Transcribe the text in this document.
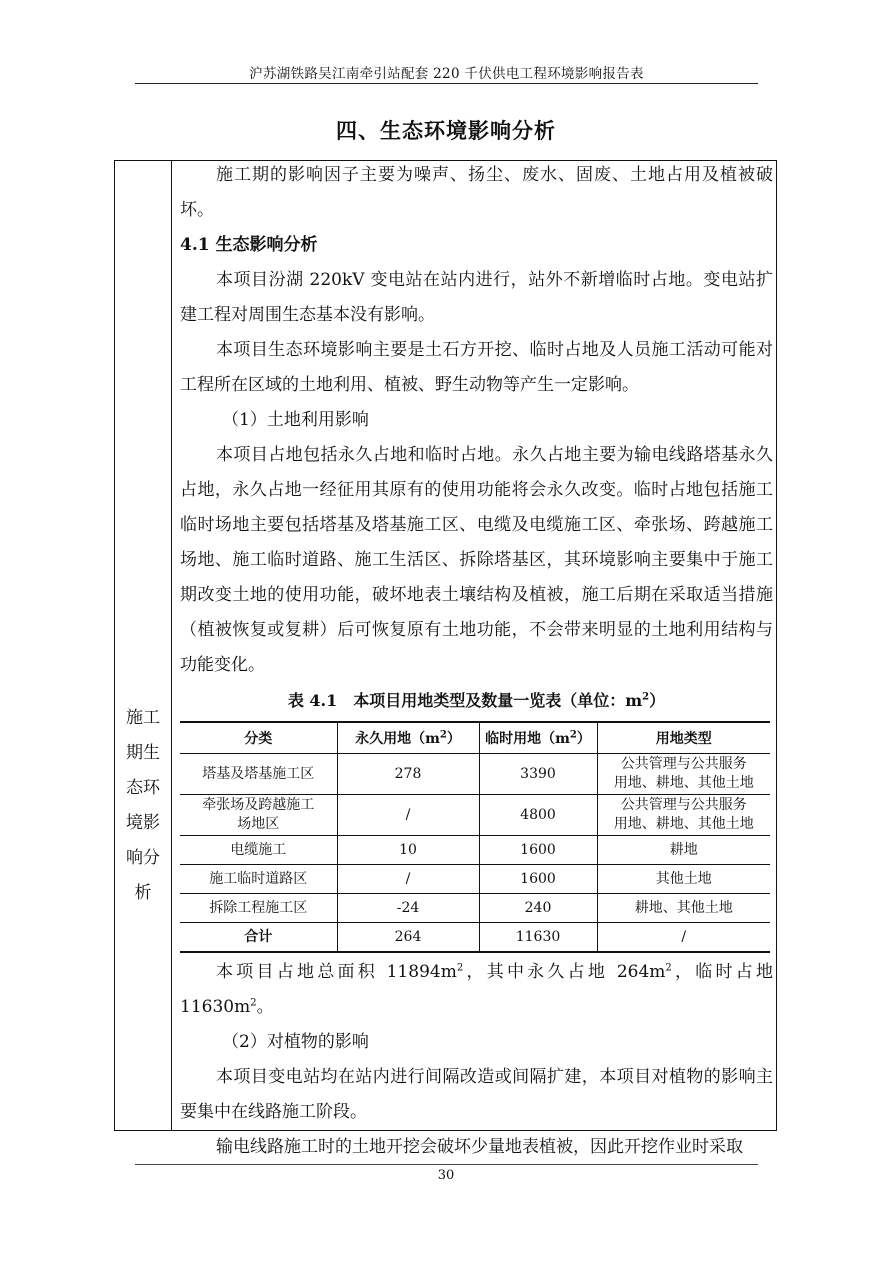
沪苏湖铁路吴江南牵引站配套 220 千伏供电工程环境影响报告表
四、生态环境影响分析
施工
期生
态环
境影
响分
析

施工期的影响因子主要为噪声、扬尘、废水、固废、土地占用及植被破坏。

4.1 生态影响分析

本项目汾湖 220kV 变电站在站内进行，站外不新增临时占地。变电站扩建工程对周围生态基本没有影响。

本项目生态环境影响主要是土石方开挖、临时占地及人员施工活动可能对工程所在区域的土地利用、植被、野生动物等产生一定影响。

（1）土地利用影响

本项目占地包括永久占地和临时占地。永久占地主要为输电线路塔基永久占地，永久占地一经征用其原有的使用功能将会永久改变。临时占地包括施工临时场地主要包括塔基及塔基施工区、电缆及电缆施工区、牵张场、跨越施工场地、施工临时道路、施工生活区、拆除塔基区，其环境影响主要集中于施工期改变土地的使用功能，破坏地表土壤结构及植被，施工后期在采取适当措施（植被恢复或复耕）后可恢复原有土地功能，不会带来明显的土地利用结构与功能变化。

表 4.1　本项目用地类型及数量一览表（单位：$m^2$）

分类	永久用地$(m^2)$	临时用地$(m^2)$	用地类型
塔基及塔基施工区	278	3390	公共管理与公共服务
用地、耕地、其他土地
牵张场及跨越施工
场地区	/	4800	公共管理与公共服务
用地、耕地、其他土地
电缆施工	10	1600	耕地
施工临时道路区	/	1600	其他土地
拆除工程施工区	-24	240	耕地、其他土地
合计	264	11630	/

本项目占地总面积 $11894m^2$，其中永久占地 $264m^2$，临时占地 $11630m^2$。

（2）对植物的影响

本项目变电站均在站内进行间隔改造或间隔扩建，本项目对植物的影响主要集中在线路施工阶段。

输电线路施工时的土地开挖会破坏少量地表植被，因此开挖作业时采取

30
